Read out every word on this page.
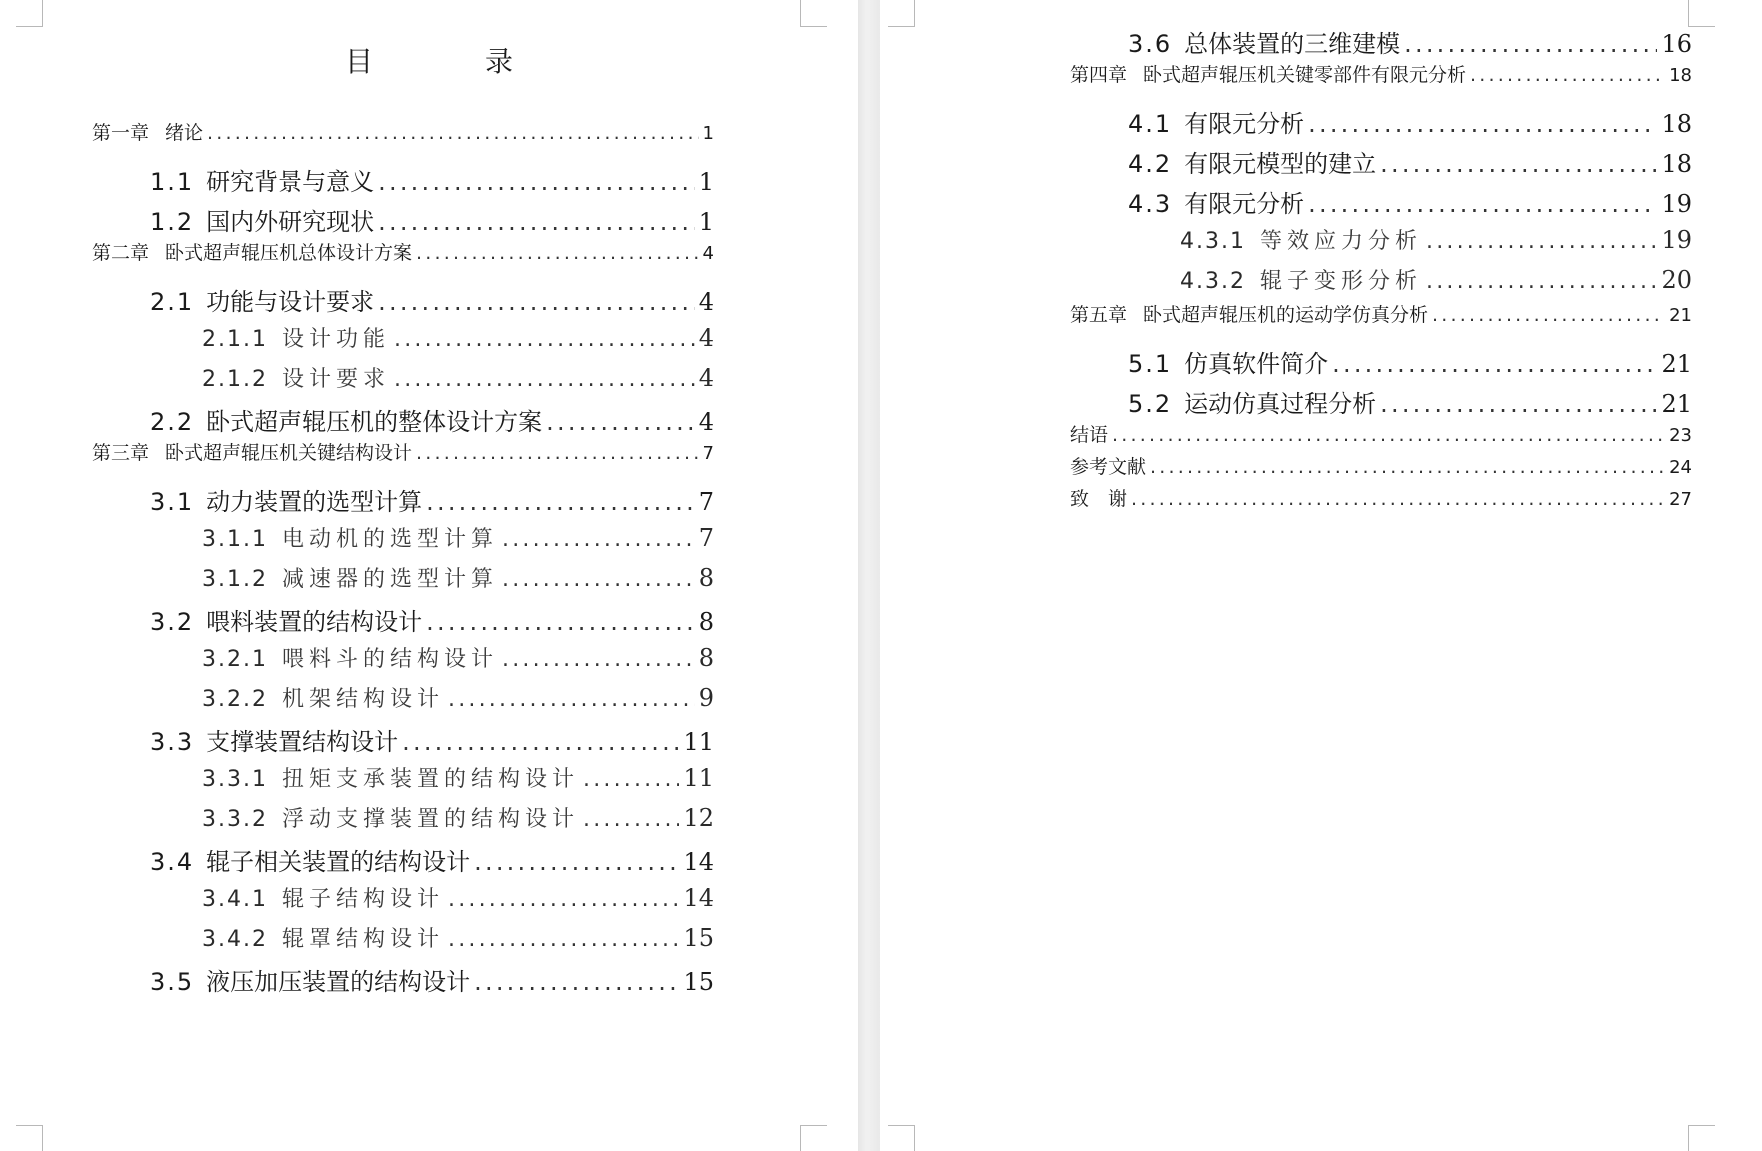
目　录
第一章 绪论 .....	1
1.1 研究背景与意义 .....	1
1.2 国内外研究现状 .....	1
第二章 卧式超声辊压机总体设计方案 .....	4
2.1 功能与设计要求 .....	4
2.1.1 设计功能 .....	4
2.1.2 设计要求 .....	4
2.2 卧式超声辊压机的整体设计方案 .....	4
第三章 卧式超声辊压机关键结构设计 .....	7
3.1 动力装置的选型计算 .....	7
3.1.1 电动机的选型计算 .....	7
3.1.2 减速器的选型计算 .....	8
3.2 喂料装置的结构设计 .....	8
3.2.1 喂料斗的结构设计 .....	8
3.2.2 机架结构设计 .....	9
3.3 支撑装置结构设计 .....	11
3.3.1 扭矩支承装置的结构设计 .....	11
3.3.2 浮动支撑装置的结构设计 .....	12
3.4 辊子相关装置的结构设计 .....	14
3.4.1 辊子结构设计 .....	14
3.4.2 辊罩结构设计 .....	15
3.5 液压加压装置的结构设计 .....	15
3.6 总体装置的三维建模 .....	16
第四章 卧式超声辊压机关键零部件有限元分析 .....	18
4.1 有限元分析 .....	18
4.2 有限元模型的建立 .....	18
4.3 有限元分析 .....	19
4.3.1 等效应力分析 .....	19
4.3.2 辊子变形分析 .....	20
第五章 卧式超声辊压机的运动学仿真分析 .....	21
5.1 仿真软件简介 .....	21
5.2 运动仿真过程分析 .....	21
结语 .....	23
参考文献 .....	24
致　谢 .....	27
